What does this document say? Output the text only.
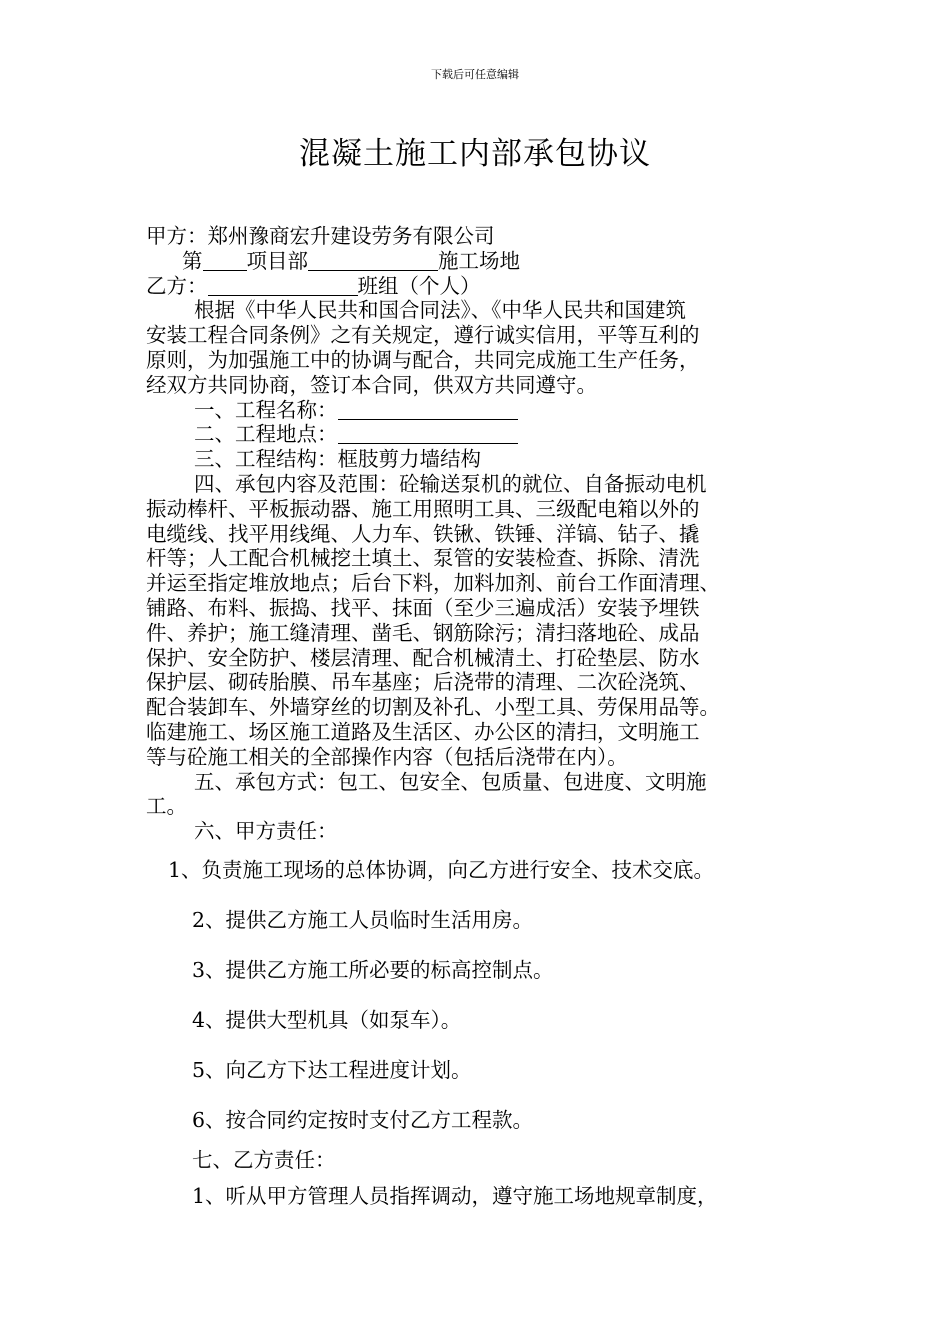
下载后可任意编辑
混凝土施工内部承包协议
甲方：郑州豫商宏升建设劳务有限公司
第 项目部	施工场地
乙方：	班组（个人）
根据《中华人民共和国合同法》、《中华人民共和国建筑
安装工程合同条例》之有关规定，遵行诚实信用，平等互利的
原则，为加强施工中的协调与配合，共同完成施工生产任务，
经双方共同协商，签订本合同，供双方共同遵守。
一、工程名称：
二、工程地点：
三、工程结构：框肢剪力墙结构
四、承包内容及范围：砼输送泵机的就位、自备振动电机
振动棒杆、平板振动器、施工用照明工具、三级配电箱以外的
电缆线、找平用线绳、人力车、铁锹、铁锤、洋镐、钻子、撬
杆等；人工配合机械挖土填土、泵管的安装检查、拆除、清洗
并运至指定堆放地点；后台下料，加料加剂、前台工作面清理、
铺路、布料、振捣、找平、抹面（至少三遍成活）安装予埋铁
件、养护；施工缝清理、凿毛、钢筋除污；清扫落地砼、成品
保护、安全防护、楼层清理、配合机械清土、打砼垫层、防水
保护层、砌砖胎膜、吊车基座；后浇带的清理、二次砼浇筑、
配合装卸车、外墙穿丝的切割及补孔、小型工具、劳保用品等。
临建施工、场区施工道路及生活区、办公区的清扫，文明施工
等与砼施工相关的全部操作内容（包括后浇带在内）。
五、承包方式：包工、包安全、包质量、包进度、文明施
工。
六、甲方责任：
1、负责施工现场的总体协调，向乙方进行安全、技术交底。
2、提供乙方施工人员临时生活用房。
3、提供乙方施工所必要的标高控制点。
4、提供大型机具（如泵车）。
5、向乙方下达工程进度计划。
6、按合同约定按时支付乙方工程款。
七、乙方责任：
1、听从甲方管理人员指挥调动，遵守施工场地规章制度，
